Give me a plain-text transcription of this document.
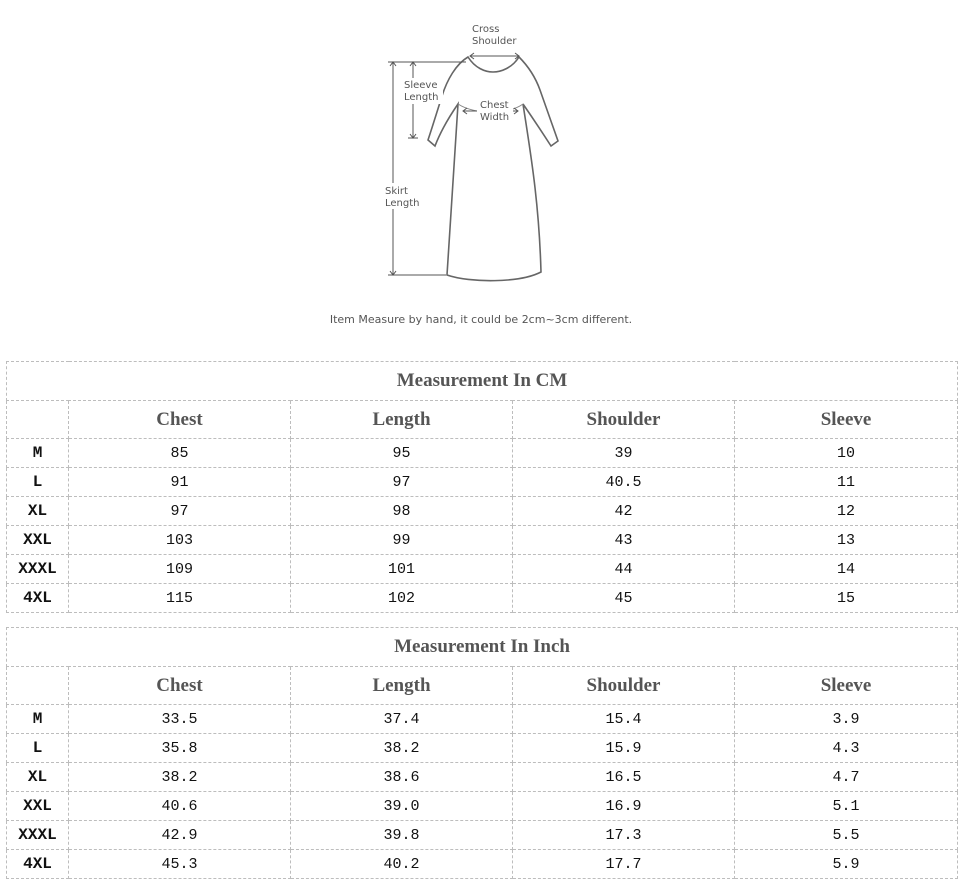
Cross
Shoulder
Sleeve
Length
Chest
Width
Skirt
Length
Item Measure by hand, it could be 2cm~3cm different.
Measurement In CM				
	Chest	Length	Shoulder	Sleeve
M	85	95	39	10
L	91	97	40.5	11
XL	97	98	42	12
XXL	103	99	43	13
XXXL	109	101	44	14
4XL	115	102	45	15
Measurement In Inch				
	Chest	Length	Shoulder	Sleeve
M	33.5	37.4	15.4	3.9
L	35.8	38.2	15.9	4.3
XL	38.2	38.6	16.5	4.7
XXL	40.6	39.0	16.9	5.1
XXXL	42.9	39.8	17.3	5.5
4XL	45.3	40.2	17.7	5.9
